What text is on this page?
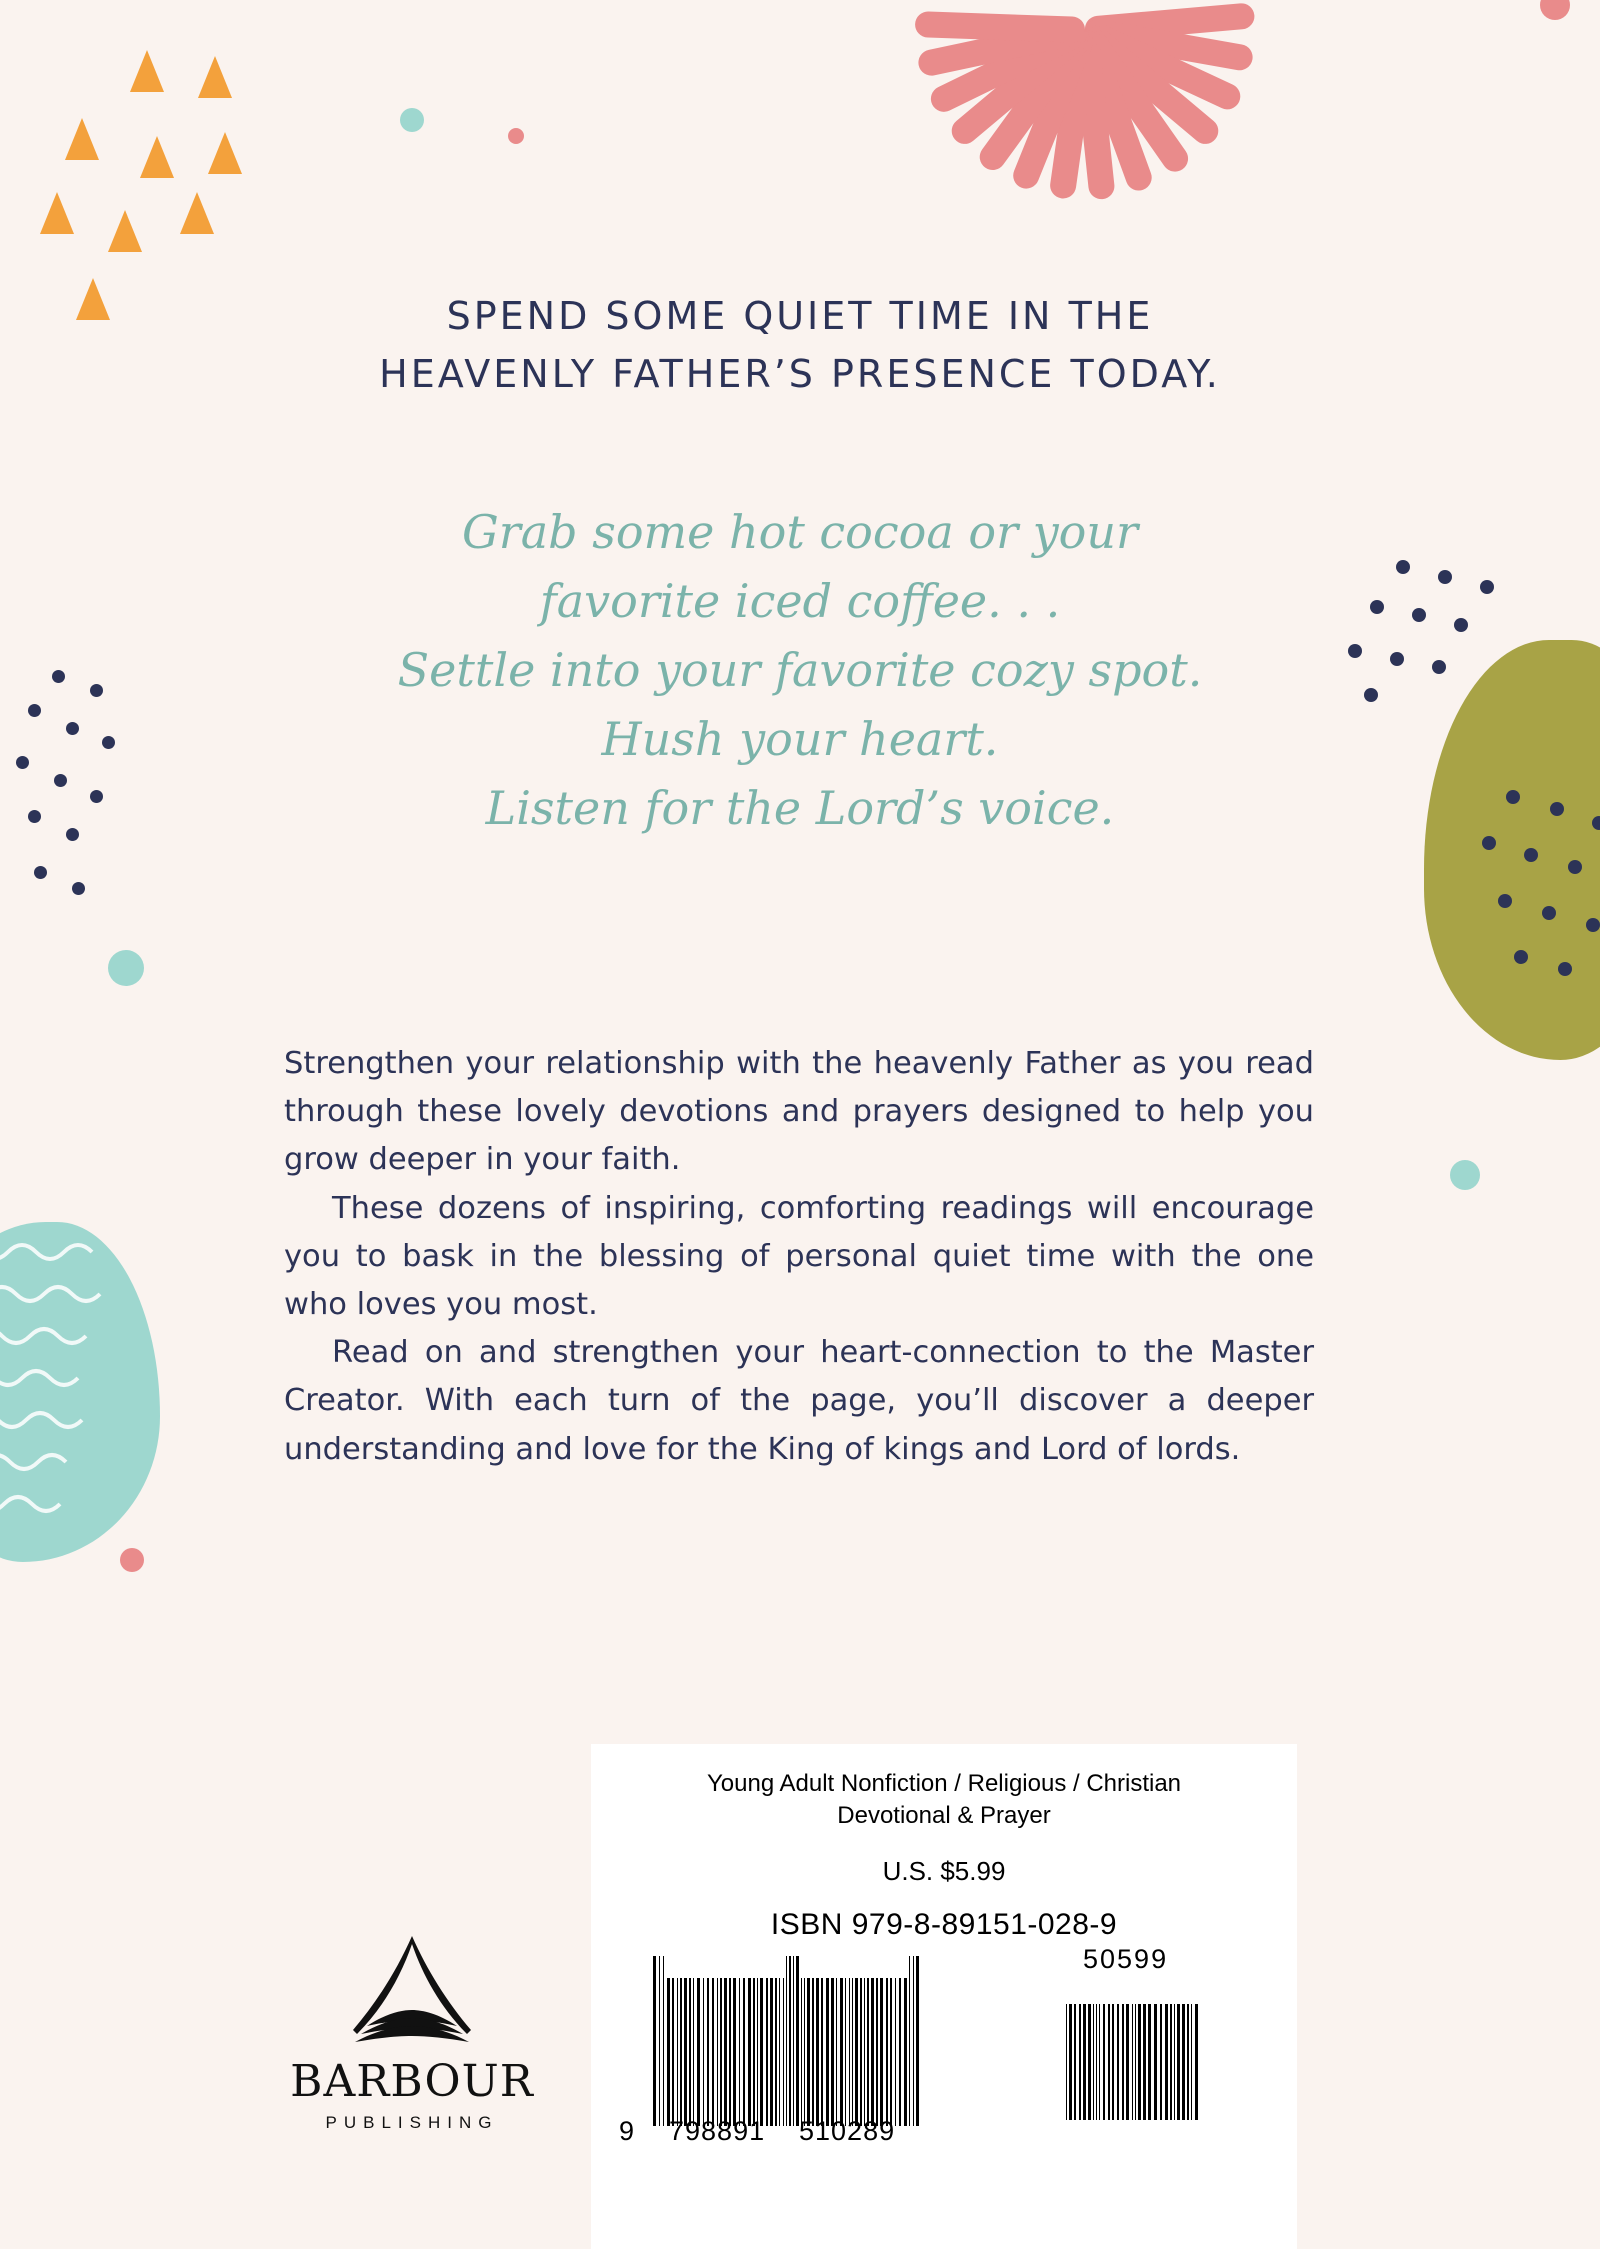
SPEND SOME QUIET TIME IN THE
HEAVENLY FATHER’S PRESENCE TODAY.
Grab some hot cocoa or your
favorite iced coffee. . .
Settle into your favorite cozy spot.
Hush your heart.
Listen for the Lord’s voice.

Strengthen your relationship with the heavenly Father as you read through these lovely devotions and prayers designed to help you grow deeper in your faith.

These dozens of inspiring, comforting readings will encourage you to bask in the blessing of personal quiet time with the one who loves you most.

Read on and strengthen your heart-connection to the Master Creator. With each turn of the page, you’ll discover a deeper understanding and love for the King of kings and Lord of lords.

BARBOUR
PUBLISHING
Young Adult Nonfiction / Religious / Christian
Devotional & Prayer
U.S. $5.99
ISBN 979-8-89151-028-9
9 798891 510289
50599
